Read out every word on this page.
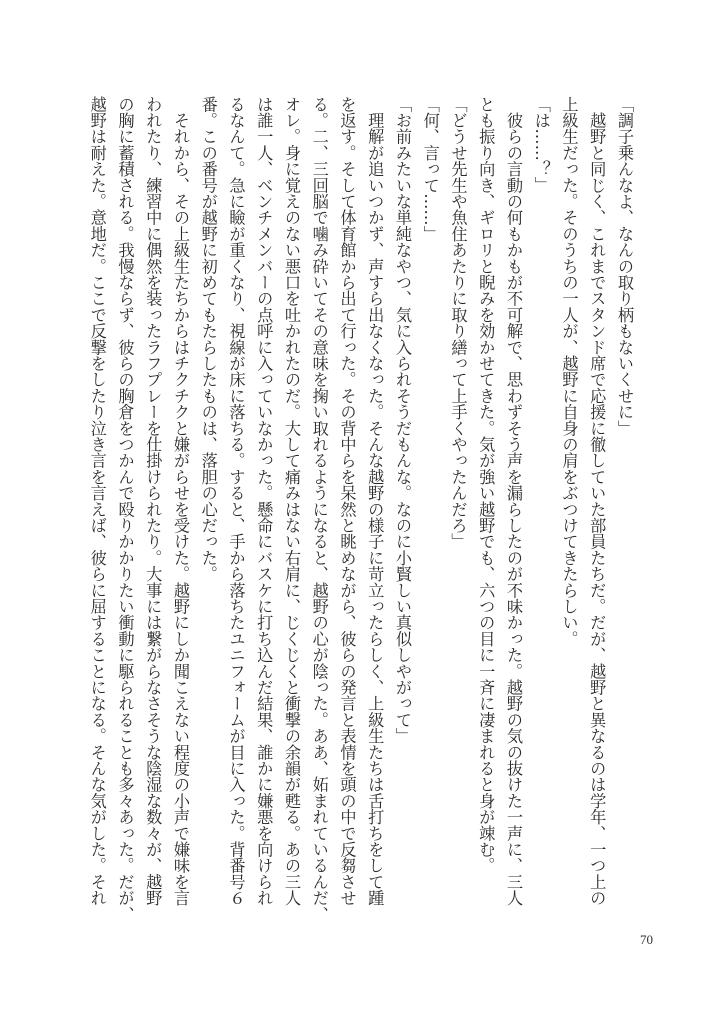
「調子乗んなよ、なんの取り柄もないくせに」
　越野と同じく、これまでスタンド席で応援に徹していた部員たちだ。だが、越野と異なるのは学年、一つ上の
上級生だった。そのうちの一人が、越野に自身の肩をぶつけてきたらしい。
「は……？」
　彼らの言動の何もかもが不可解で、思わずそう声を漏らしたのが不味かった。越野の気の抜けた一声に、三人
とも振り向き、ギロリと睨みを効かせてきた。気が強い越野でも、六つの目に一斉に凄まれると身が竦む。
「どうせ先生や魚住あたりに取り繕って上手くやったんだろ」
「何、言って……」
「お前みたいな単純なやつ、気に入られそうだもんな。なのに小賢しい真似しやがって」
　理解が追いつかず、声すら出なくなった。そんな越野の様子に苛立ったらしく、上級生たちは舌打ちをして踵
を返す。そして体育館から出て行った。その背中らを呆然と眺めながら、彼らの発言と表情を頭の中で反芻させ
る。二、三回脳で噛み砕いてその意味を掬い取れるようになると、越野の心が陰った。ああ、妬まれているんだ、
オレ。身に覚えのない悪口を吐かれたのだ。大して痛みはない右肩に、じくじくと衝撃の余韻が甦る。あの三人
は誰一人、ベンチメンバーの点呼に入っていなかった。懸命にバスケに打ち込んだ結果、誰かに嫌悪を向けられ
るなんて。急に瞼が重くなり、視線が床に落ちる。すると、手から落ちたユニフォームが目に入った。背番号６
番。この番号が越野に初めてもたらしたものは、落胆の心だった。
　それから、その上級生たちからはチクチクと嫌がらせを受けた。越野にしか聞こえない程度の小声で嫌味を言
われたり、練習中に偶然を装ったラフプレーを仕掛けられたり。大事には繋がらなさそうな陰湿な数々が、越野
の胸に蓄積される。我慢ならず、彼らの胸倉をつかんで殴りかかりたい衝動に駆られることも多々あった。だが、
越野は耐えた。意地だ。ここで反撃をしたり泣き言を言えば、彼らに屈することになる。そんな気がした。それ
70
